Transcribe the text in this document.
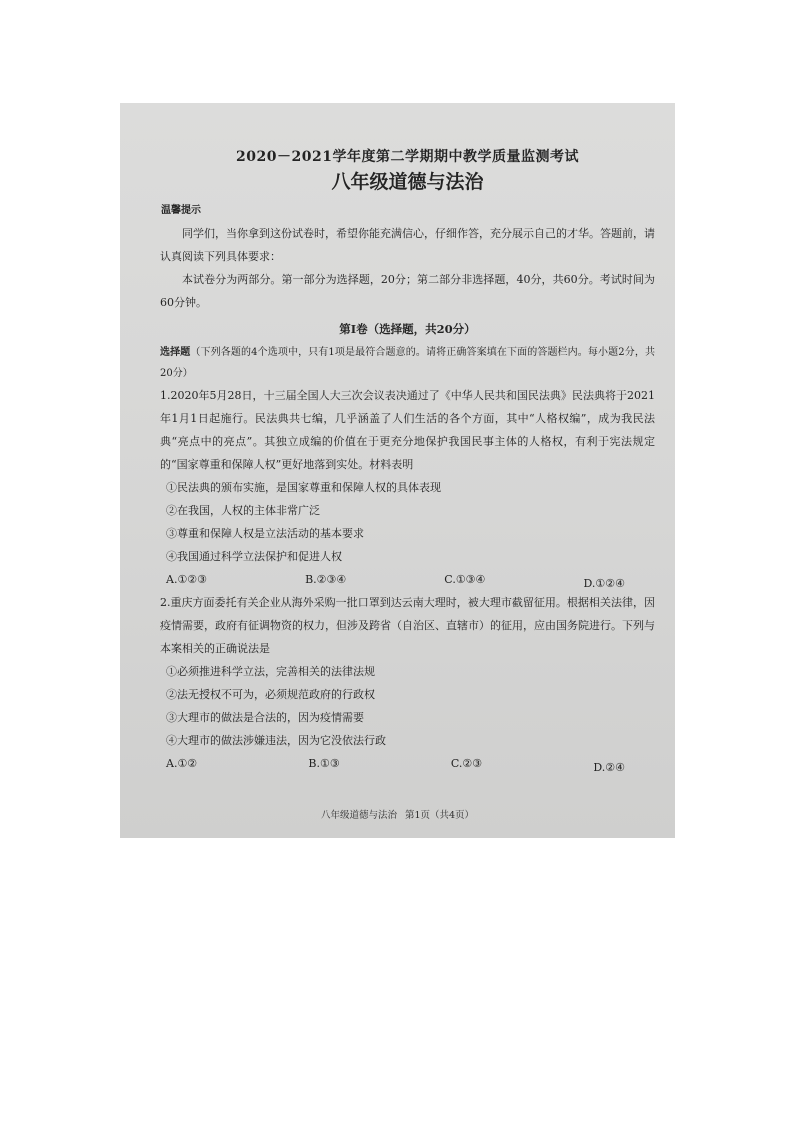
2020－2021学年度第二学期期中教学质量监测考试
八年级道德与法治
温馨提示
同学们，当你拿到这份试卷时，希望你能充满信心，仔细作答，充分展示自己的才华。答题前，请认真阅读下列具体要求：
本试卷分为两部分。第一部分为选择题，20分；第二部分非选择题，40分，共60分。考试时间为60分钟。
第Ⅰ卷（选择题，共20分）
选择题（下列各题的4个选项中，只有1项是最符合题意的。请将正确答案填在下面的答题栏内。每小题2分，共20分）
1.2020年5月28日，十三届全国人大三次会议表决通过了《中华人民共和国民法典》民法典将于2021年1月1日起施行。民法典共七编，几乎涵盖了人们生活的各个方面，其中“人格权编”，成为我民法典“亮点中的亮点”。其独立成编的价值在于更充分地保护我国民事主体的人格权，有利于宪法规定的“国家尊重和保障人权”更好地落到实处。材料表明
①民法典的颁布实施，是国家尊重和保障人权的具体表现
②在我国，人权的主体非常广泛
③尊重和保障人权是立法活动的基本要求
④我国通过科学立法保护和促进人权
A.①②③	B.②③④	C.①③④	D.①②④
2.重庆方面委托有关企业从海外采购一批口罩到达云南大理时，被大理市截留征用。根据相关法律，因疫情需要，政府有征调物资的权力，但涉及跨省（自治区、直辖市）的征用，应由国务院进行。下列与本案相关的正确说法是
①必须推进科学立法，完善相关的法律法规
②法无授权不可为，必须规范政府的行政权
③大理市的做法是合法的，因为疫情需要
④大理市的做法涉嫌违法，因为它没依法行政
A.①②	B.①③	C.②③	D.②④
八年级道德与法治 第1页（共4页）
